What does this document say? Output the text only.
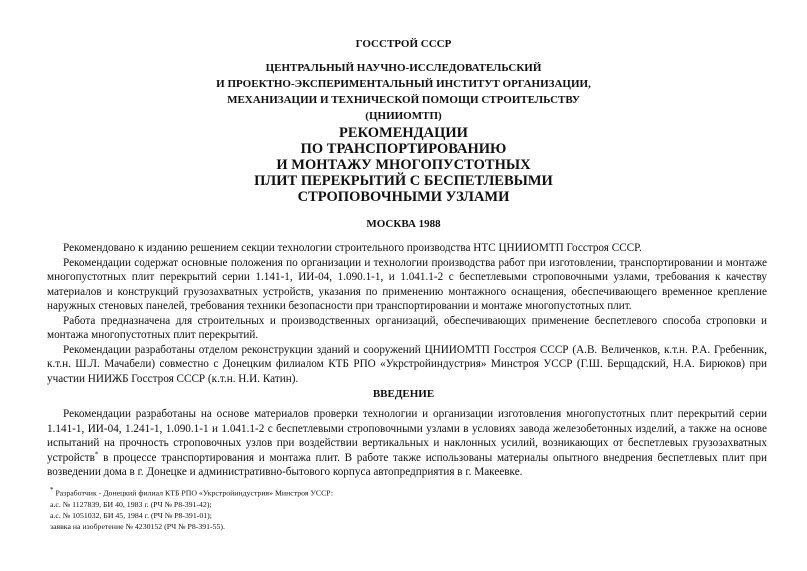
ГОССТРОЙ СССР
ЦЕНТРАЛЬНЫЙ НАУЧНО-ИССЛЕДОВАТЕЛЬСКИЙ
И ПРОЕКТНО-ЭКСПЕРИМЕНТАЛЬНЫЙ ИНСТИТУТ ОРГАНИЗАЦИИ,
МЕХАНИЗАЦИИ И ТЕХНИЧЕСКОЙ ПОМОЩИ СТРОИТЕЛЬСТВУ
(ЦНИИОМТП)
РЕКОМЕНДАЦИИ
ПО ТРАНСПОРТИРОВАНИЮ
И МОНТАЖУ МНОГОПУСТОТНЫХ
ПЛИТ ПЕРЕКРЫТИЙ С БЕСПЕТЛЕВЫМИ
СТРОПОВОЧНЫМИ УЗЛАМИ
МОСКВА 1988

Рекомендовано к изданию решением секции технологии строительного производства НТС ЦНИИОМТП Госстроя СССР.

Рекомендации содержат основные положения по организации и технологии производства работ при изготовлении, транспортировании и монтаже многопустотных плит перекрытий серии 1.141-1, ИИ-04, 1.090.1-1, и 1.041.1-2 с беспетлевыми строповочными узлами, требования к качеству материалов и конструкций грузозахватных устройств, указания по применению монтажного оснащения, обеспечивающего временное крепление наружных стеновых панелей, требования техники безопасности при транспортировании и монтаже многопустотных плит.

Работа предназначена для строительных и производственных организаций, обеспечивающих применение беспетлевого способа строповки и монтажа многопустотных плит перекрытий.

Рекомендации разработаны отделом реконструкции зданий и сооружений ЦНИИОМТП Госстроя СССР (А.В. Величенков, к.т.н. Р.А. Гребенник, к.т.н. Ш.Л. Мачабели) совместно с Донецким филиалом КТБ РПО «Укрстройиндустрия» Минстроя УССР (Г.Ш. Берщадский, Н.А. Бирюков) при участии НИИЖБ Госстроя СССР (к.т.н. Н.И. Катин).

ВВЕДЕНИЕ

Рекомендации разработаны на основе материалов проверки технологии и организации изготовления многопустотных плит перекрытий серии 1.141-1, ИИ-04, 1.241-1, 1.090.1-1 и 1.041.1-2 с беспетлевыми строповочными узлами в условиях завода железобетонных изделий, а также на основе испытаний на прочность строповочных узлов при воздействии вертикальных и наклонных усилий, возникающих от беспетлевых грузозахватных устройств* в процессе транспортирования и монтажа плит. В работе также использованы материалы опытного внедрения беспетлевых плит при возведении дома в г. Донецке и административно-бытового корпуса автопредприятия в г. Макеевке.

* Разработчик - Донецкий филиал КТБ РПО «Укрстройиндустрия» Минстроя УССР:
а.с. № 1127839, БИ 40, 1983 г. (РЧ № Р8-391-42);
а.с. № 1051032, БИ 45, 1984 г. (РЧ № Р8-391-01);
заявка на изобретение № 4230152 (РЧ № Р8-391-55).
